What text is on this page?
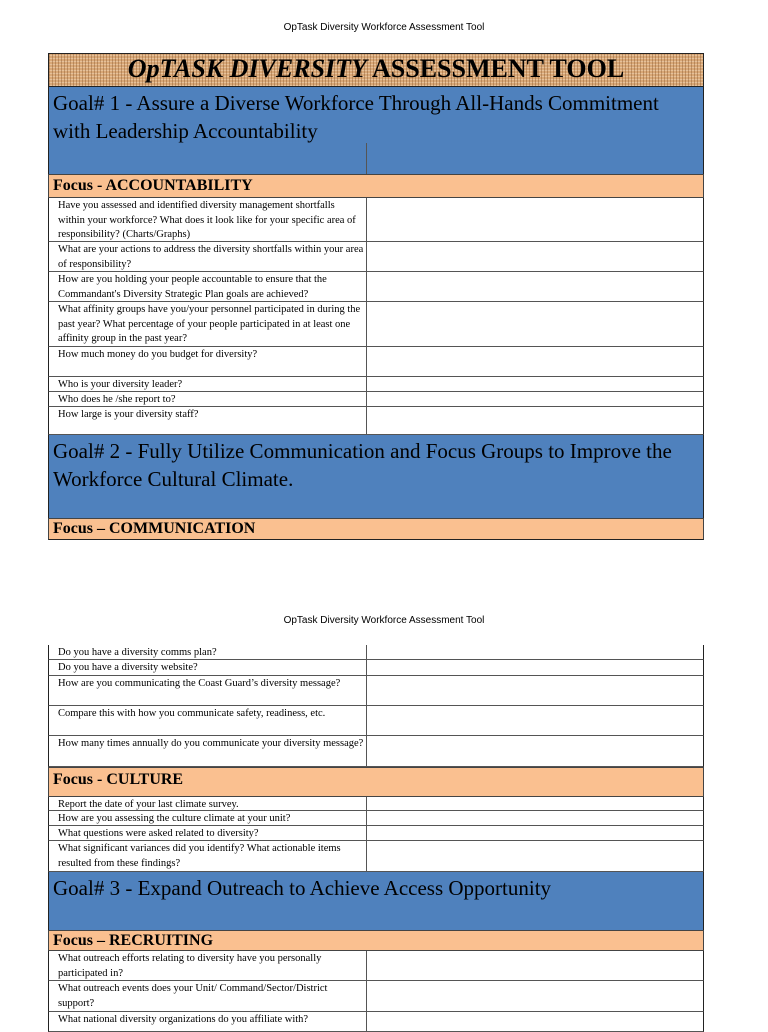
OpTask Diversity Workforce Assessment Tool
OpTASK DIVERSITY ASSESSMENT TOOL
Goal# 1 - Assure a Diverse Workforce Through All-Hands Commitment with Leadership Accountability
Focus - ACCOUNTABILITY
Have you assessed and identified diversity management shortfalls within your workforce? What does it look like for your specific area of responsibility? (Charts/Graphs)
What are your actions to address the diversity shortfalls within your area of responsibility?
How are you holding your people accountable to ensure that the Commandant's Diversity Strategic Plan goals are achieved?
What affinity groups have you/your personnel participated in during the past year? What percentage of your people participated in at least one affinity group in the past year?
How much money do you budget for diversity?
Who is your diversity leader?
Who does he /she report to?
How large is your diversity staff?
Goal# 2 - Fully Utilize Communication and Focus Groups to Improve the Workforce Cultural Climate.
Focus – COMMUNICATION
OpTask Diversity Workforce Assessment Tool
Do you have a diversity comms plan?
Do you have a diversity website?
How are you communicating the Coast Guard’s diversity message?
Compare this with how you communicate safety, readiness, etc.
How many times annually do you communicate your diversity message?
Focus - CULTURE
Report the date of your last climate survey.
How are you assessing the culture climate at your unit?
What questions were asked related to diversity?
What significant variances did you identify? What actionable items resulted from these findings?
Goal# 3 - Expand Outreach to Achieve Access Opportunity
Focus – RECRUITING
What outreach efforts relating to diversity have you personally participated in?
What outreach events does your Unit/ Command/Sector/District support?
What national diversity organizations do you affiliate with?
